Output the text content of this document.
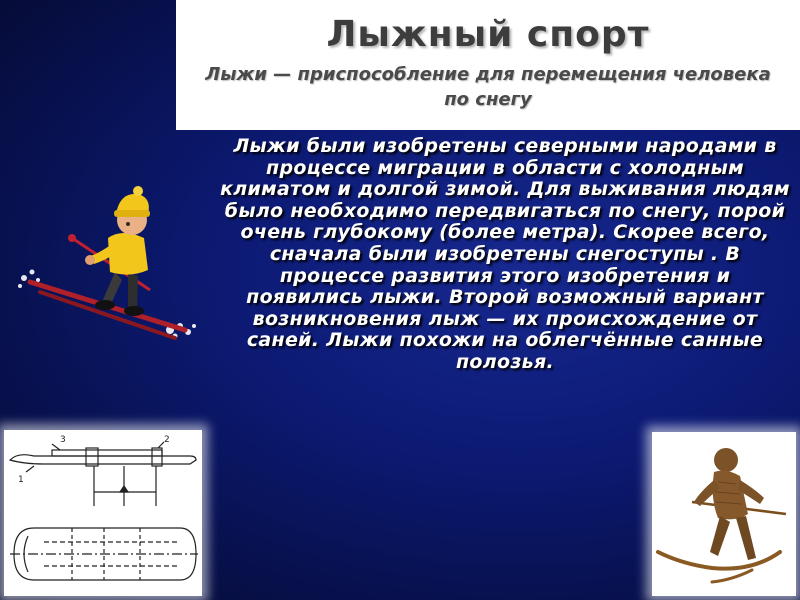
Лыжный спорт
Лыжи — приспособление для перемещения человека по снегу
Лыжи были изобретены северными народами в процессе миграции в области с холодным климатом и долгой зимой. Для выживания людям было необходимо передвигаться по снегу, порой очень глубокому (более метра). Скорее всего, сначала были изобретены снегоступы . В процессе развития этого изобретения и появились лыжи. Второй возможный вариант возникновения лыж — их происхождение от саней. Лыжи похожи на облегчённые санные полозья.
3	2
1
